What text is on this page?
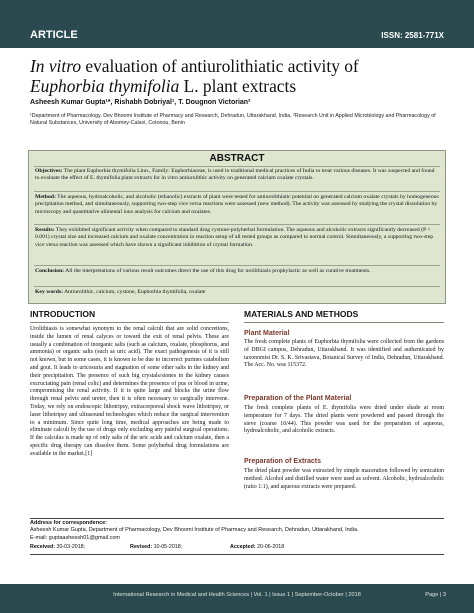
ARTICLE	ISSN: 2581-771X
In vitro evaluation of antiurolithiatic activity of
Euphorbia thymifolia L. plant extracts
Asheesh Kumar Gupta¹*, Rishabh Dobriyal¹, T. Dougnon Victorian²
¹Department of Pharmacology, Dev Bhoomi Institute of Pharmacy and Research, Dehradun, Uttarakhand, India, ²Research Unit in Applied Microbiology and Pharmacology of Natural Substances, University of Abomey-Calavi, Cotonou, Benin
ABSTRACT
Objectives: The plant Euphorbia thymifolia Linn., Family: Euphorbiaceae, is used in traditional medical practices of India to treat various diseases. It was suspected and found to evaluate the effect of E. thymifolia plant extracts for in vitro antiurolithic activity on generated calcium oxalate crystals.
Method: The aqueous, hydroalcoholic, and alcoholic (ethanolic) extracts of plant were tested for antiurolithiatic potential on generated calcium oxalate crystals by homogeneous precipitation method, and simultaneously, supporting two-step vice versa reactions were assessed (new method). The activity was assessed by studying the crystal dissolution by microscopy and quantitative alimental ions analysis for calcium and oxalates.
Results: They exhibited significant activity when compared to standard drug cystone-polyherbal formulation. The aqueous and alcoholic extracts significantly decreased (P < 0.001) crystal size and increased calcium and oxalate concentration in reaction setup of all tested groups as compared to normal control. Simultaneously, a supporting two-step vice versa reaction was assessed which have shown a significant inhibition of crystal formation.
Conclusion: All the interpretations of various result outcomes direct the use of this drug for urolithiasis prophylactic as well as curative treatments.
Key words: Antiurolithic, calcium, cystone, Euphorbia thymifolia, oxalate
INTRODUCTION
Urolithiasis is somewhat synonym to the renal calculi that are solid concretions, inside the lumen of renal calyces or toward the exit of renal pelvis. These are usually a combination of inorganic salts (such as calcium, oxalate, phosphorus, and ammonia) or organic salts (such as uric acid). The exact pathogenesis of it is still not known, but in some cases, it is known to be due to incorrect purines catabolism and gout. It leads to uricosuria and stagnation of some other salts in the kidney and their precipitation. The presence of such big crystals/stones in the kidney causes excruciating pain (renal colic) and determines the presence of pus or blood in urine, compromising the renal activity. If it is quite large and blocks the urine flow through renal pelvis and ureter, then it is often necessary to surgically intervene. Today, we rely on endoscopic lithotripsy, extracorporeal shock wave lithotripsy, or laser lithotripsy and ultrasound technologies which reduce the surgical intervention to a minimum. Since quite long time, medical approaches are being made to eliminate calculi by the use of drugs only excluding any painful surgical operations. If the calculus is made up of only salts of the uric acids and calcium oxalate, then a specific drug therapy can dissolve them. Some polyherbal drug formulations are available in the market.[1]
MATERIALS AND METHODS
Plant Material
The fresh complete plants of Euphorbia thymifolia were collected from the gardens of DBGI campus, Dehradun, Uttarakhand. It was identified and authenticated by taxonomist Dr. S. K. Srivastava, Botanical Survey of India, Dehradun, Uttarakhand. The Acc. No. was 115372.
Preparation of the Plant Material
The fresh complete plants of E. thymifolia were dried under shade at room temperature for 7 days. The dried plants were powdered and passed through the sieve (coarse 10/44). This powder was used for the preparation of aqueous, hydroalcoholic, and alcoholic extracts.
Preparation of Extracts
The dried plant powder was extracted by simple maceration followed by sonication method. Alcohol and distilled water were used as solvent. Alcoholic, hydroalcoholic (ratio 1:1), and aqueous extracts were prepared.
Address for correspondence:
Asheesh Kumar Gupta, Department of Pharmacology, Dev Bhoomi Institute of Pharmacy and Research, Dehradun, Uttarakhand, India.
E-mail: guptaasheesh01@gmail.com
Received: 30-03-2018;	Revised: 10-05-2018;	Accepted: 20-06-2018
International Research in Medical and Health Sciences | Vol. 1 | Issue 1 | September-October | 2018	Page | 3
